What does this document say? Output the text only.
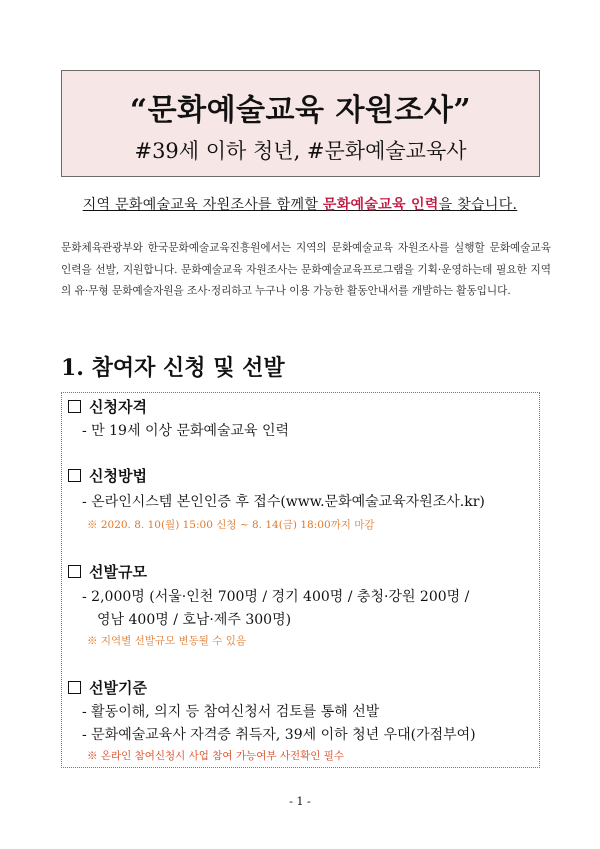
“문화예술교육 자원조사”
#39세 이하 청년, #문화예술교육사
지역 문화예술교육 자원조사를 함께할 문화예술교육 인력을 찾습니다.
문화체육관광부와 한국문화예술교육진흥원에서는 지역의 문화예술교육 자원조사를 실행할 문화예술교육 인력을 선발, 지원합니다. 문화예술교육 자원조사는 문화예술교육프로그램을 기획·운영하는데 필요한 지역의 유·무형 문화예술자원을 조사·정리하고 누구나 이용 가능한 활동안내서를 개발하는 활동입니다.
1. 참여자 신청 및 선발
신청자격
- 만 19세 이상 문화예술교육 인력
신청방법
- 온라인시스템 본인인증 후 접수(www.문화예술교육자원조사.kr)
※ 2020. 8. 10(월) 15:00 신청 ~ 8. 14(금) 18:00까지 마감
선발규모
- 2,000명 (서울·인천 700명 / 경기 400명 / 충청·강원 200명 /
영남 400명 / 호남·제주 300명)
※ 지역별 선발규모 변동될 수 있음
선발기준
- 활동이해, 의지 등 참여신청서 검토를 통해 선발
- 문화예술교육사 자격증 취득자, 39세 이하 청년 우대(가점부여)
※ 온라인 참여신청시 사업 참여 가능여부 사전확인 필수
- 1 -
